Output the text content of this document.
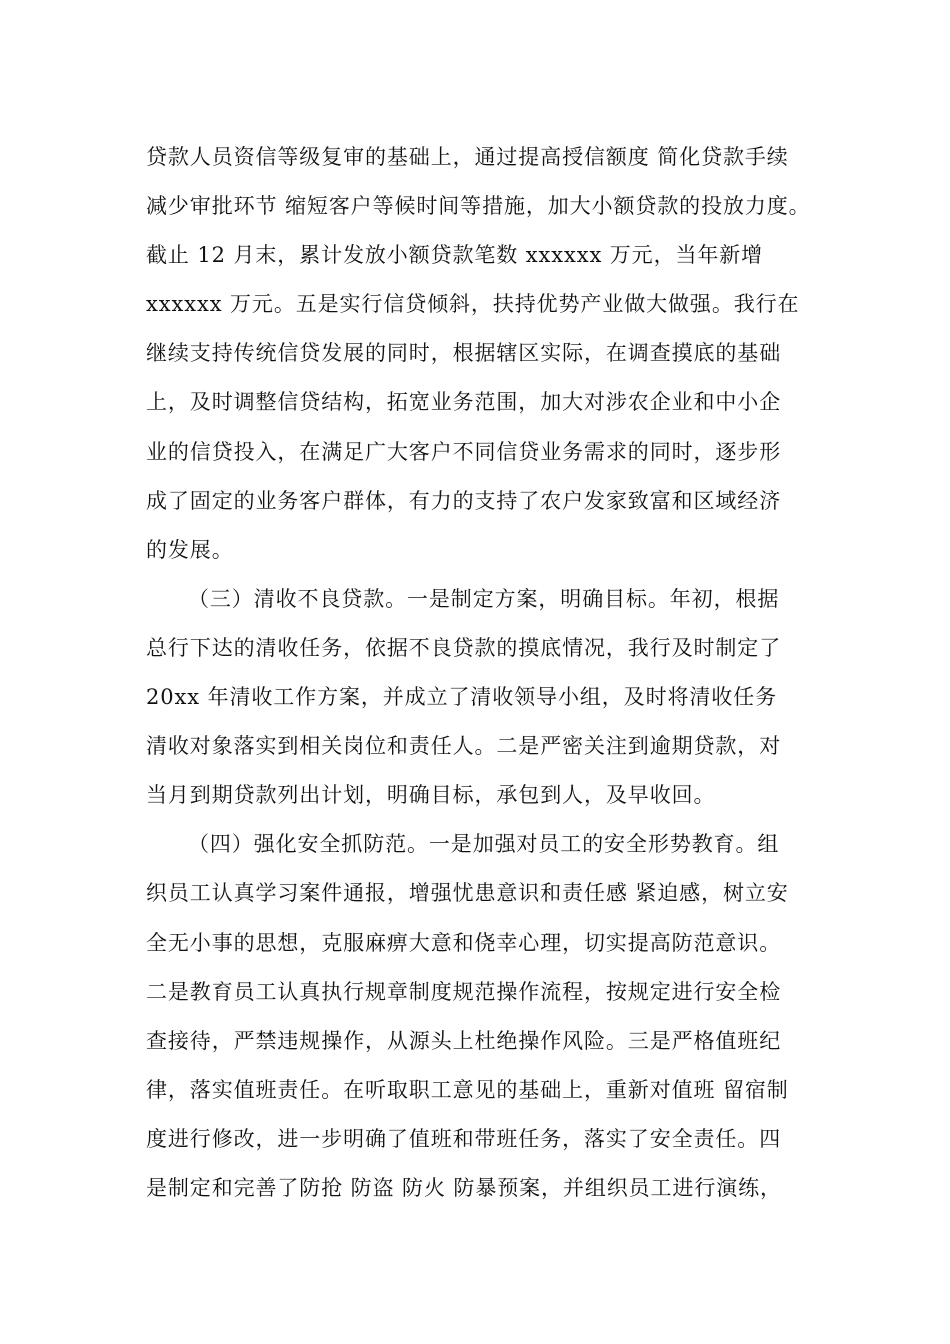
贷款人员资信等级复审的基础上，通过提高授信额度 简化贷款手续
减少审批环节 缩短客户等候时间等措施，加大小额贷款的投放力度。
截止 12 月末，累计发放小额贷款笔数 xxxxxx 万元，当年新增
xxxxxx 万元。五是实行信贷倾斜，扶持优势产业做大做强。我行在
继续支持传统信贷发展的同时，根据辖区实际，在调查摸底的基础
上，及时调整信贷结构，拓宽业务范围，加大对涉农企业和中小企
业的信贷投入，在满足广大客户不同信贷业务需求的同时，逐步形
成了固定的业务客户群体，有力的支持了农户发家致富和区域经济
的发展。
（三）清收不良贷款。一是制定方案，明确目标。年初，根据
总行下达的清收任务，依据不良贷款的摸底情况，我行及时制定了
20xx 年清收工作方案，并成立了清收领导小组，及时将清收任务
清收对象落实到相关岗位和责任人。二是严密关注到逾期贷款，对
当月到期贷款列出计划，明确目标，承包到人，及早收回。
（四）强化安全抓防范。一是加强对员工的安全形势教育。组
织员工认真学习案件通报，增强忧患意识和责任感 紧迫感，树立安
全无小事的思想，克服麻痹大意和侥幸心理，切实提高防范意识。
二是教育员工认真执行规章制度规范操作流程，按规定进行安全检
查接待，严禁违规操作，从源头上杜绝操作风险。三是严格值班纪
律，落实值班责任。在听取职工意见的基础上，重新对值班 留宿制
度进行修改，进一步明确了值班和带班任务，落实了安全责任。四
是制定和完善了防抢 防盗 防火 防暴预案，并组织员工进行演练，
